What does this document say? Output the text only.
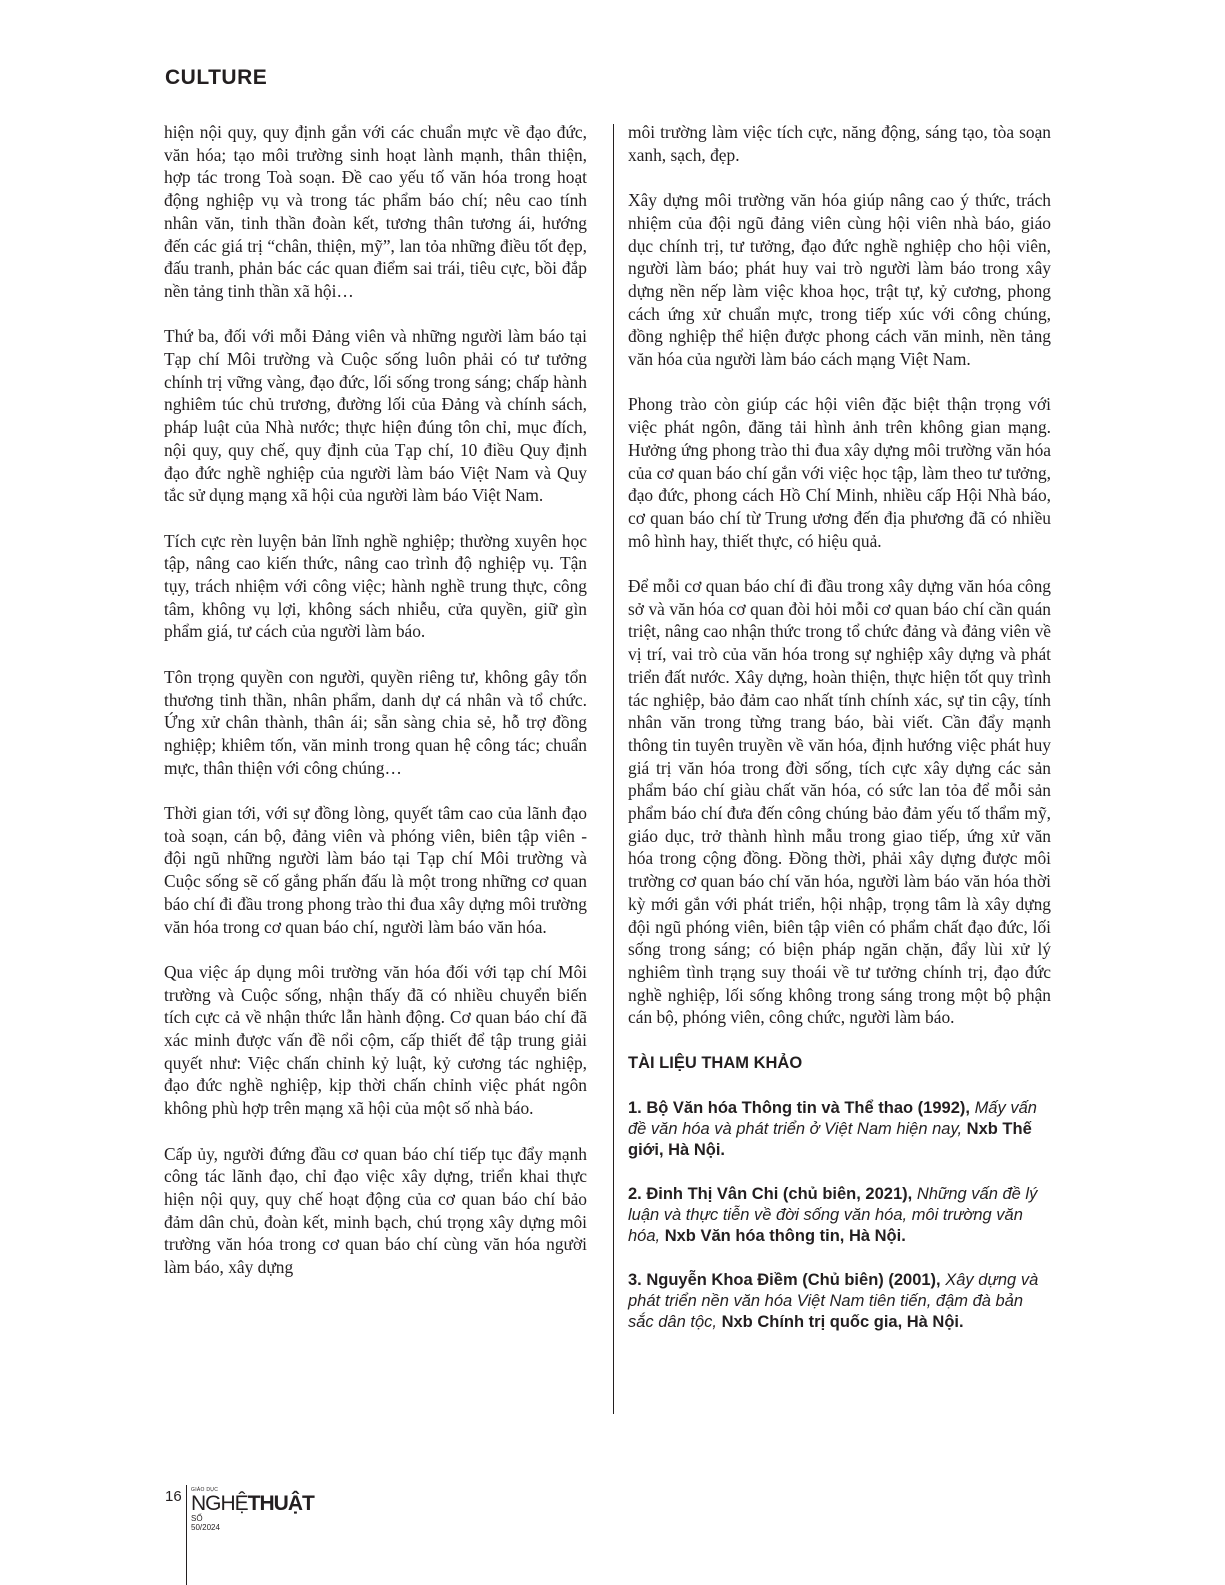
CULTURE

hiện nội quy, quy định gắn với các chuẩn mực về đạo đức, văn hóa; tạo môi trường sinh hoạt lành mạnh, thân thiện, hợp tác trong Toà soạn. Đề cao yếu tố văn hóa trong hoạt động nghiệp vụ và trong tác phẩm báo chí; nêu cao tính nhân văn, tinh thần đoàn kết, tương thân tương ái, hướng đến các giá trị “chân, thiện, mỹ”, lan tỏa những điều tốt đẹp, đấu tranh, phản bác các quan điểm sai trái, tiêu cực, bồi đắp nền tảng tinh thần xã hội…

Thứ ba, đối với mỗi Đảng viên và những người làm báo tại Tạp chí Môi trường và Cuộc sống luôn phải có tư tưởng chính trị vững vàng, đạo đức, lối sống trong sáng; chấp hành nghiêm túc chủ trương, đường lối của Đảng và chính sách, pháp luật của Nhà nước; thực hiện đúng tôn chỉ, mục đích, nội quy, quy chế, quy định của Tạp chí, 10 điều Quy định đạo đức nghề nghiệp của người làm báo Việt Nam và Quy tắc sử dụng mạng xã hội của người làm báo Việt Nam.

Tích cực rèn luyện bản lĩnh nghề nghiệp; thường xuyên học tập, nâng cao kiến thức, nâng cao trình độ nghiệp vụ. Tận tụy, trách nhiệm với công việc; hành nghề trung thực, công tâm, không vụ lợi, không sách nhiễu, cửa quyền, giữ gìn phẩm giá, tư cách của người làm báo.

Tôn trọng quyền con người, quyền riêng tư, không gây tổn thương tinh thần, nhân phẩm, danh dự cá nhân và tổ chức. Ứng xử chân thành, thân ái; sẵn sàng chia sẻ, hỗ trợ đồng nghiệp; khiêm tốn, văn minh trong quan hệ công tác; chuẩn mực, thân thiện với công chúng…

Thời gian tới, với sự đồng lòng, quyết tâm cao của lãnh đạo toà soạn, cán bộ, đảng viên và phóng viên, biên tập viên - đội ngũ những người làm báo tại Tạp chí Môi trường và Cuộc sống sẽ cố gắng phấn đấu là một trong những cơ quan báo chí đi đầu trong phong trào thi đua xây dựng môi trường văn hóa trong cơ quan báo chí, người làm báo văn hóa.

Qua việc áp dụng môi trường văn hóa đối với tạp chí Môi trường và Cuộc sống, nhận thấy đã có nhiều chuyển biến tích cực cả về nhận thức lẫn hành động. Cơ quan báo chí đã xác minh được vấn đề nổi cộm, cấp thiết để tập trung giải quyết như: Việc chấn chỉnh kỷ luật, kỷ cương tác nghiệp, đạo đức nghề nghiệp, kịp thời chấn chỉnh việc phát ngôn không phù hợp trên mạng xã hội của một số nhà báo.

Cấp ủy, người đứng đầu cơ quan báo chí tiếp tục đẩy mạnh công tác lãnh đạo, chỉ đạo việc xây dựng, triển khai thực hiện nội quy, quy chế hoạt động của cơ quan báo chí bảo đảm dân chủ, đoàn kết, minh bạch, chú trọng xây dựng môi trường văn hóa trong cơ quan báo chí cùng văn hóa người làm báo, xây dựng

môi trường làm việc tích cực, năng động, sáng tạo, tòa soạn xanh, sạch, đẹp.

Xây dựng môi trường văn hóa giúp nâng cao ý thức, trách nhiệm của đội ngũ đảng viên cùng hội viên nhà báo, giáo dục chính trị, tư tưởng, đạo đức nghề nghiệp cho hội viên, người làm báo; phát huy vai trò người làm báo trong xây dựng nền nếp làm việc khoa học, trật tự, kỷ cương, phong cách ứng xử chuẩn mực, trong tiếp xúc với công chúng, đồng nghiệp thể hiện được phong cách văn minh, nền tảng văn hóa của người làm báo cách mạng Việt Nam.

Phong trào còn giúp các hội viên đặc biệt thận trọng với việc phát ngôn, đăng tải hình ảnh trên không gian mạng. Hưởng ứng phong trào thi đua xây dựng môi trường văn hóa của cơ quan báo chí gắn với việc học tập, làm theo tư tưởng, đạo đức, phong cách Hồ Chí Minh, nhiều cấp Hội Nhà báo, cơ quan báo chí từ Trung ương đến địa phương đã có nhiều mô hình hay, thiết thực, có hiệu quả.

Để mỗi cơ quan báo chí đi đầu trong xây dựng văn hóa công sở và văn hóa cơ quan đòi hỏi mỗi cơ quan báo chí cần quán triệt, nâng cao nhận thức trong tổ chức đảng và đảng viên về vị trí, vai trò của văn hóa trong sự nghiệp xây dựng và phát triển đất nước. Xây dựng, hoàn thiện, thực hiện tốt quy trình tác nghiệp, bảo đảm cao nhất tính chính xác, sự tin cậy, tính nhân văn trong từng trang báo, bài viết. Cần đẩy mạnh thông tin tuyên truyền về văn hóa, định hướng việc phát huy giá trị văn hóa trong đời sống, tích cực xây dựng các sản phẩm báo chí giàu chất văn hóa, có sức lan tỏa để mỗi sản phẩm báo chí đưa đến công chúng bảo đảm yếu tố thẩm mỹ, giáo dục, trở thành hình mẫu trong giao tiếp, ứng xử văn hóa trong cộng đồng. Đồng thời, phải xây dựng được môi trường cơ quan báo chí văn hóa, người làm báo văn hóa thời kỳ mới gắn với phát triển, hội nhập, trọng tâm là xây dựng đội ngũ phóng viên, biên tập viên có phẩm chất đạo đức, lối sống trong sáng; có biện pháp ngăn chặn, đẩy lùi xử lý nghiêm tình trạng suy thoái về tư tưởng chính trị, đạo đức nghề nghiệp, lối sống không trong sáng trong một bộ phận cán bộ, phóng viên, công chức, người làm báo.

TÀI LIỆU THAM KHẢO

1. Bộ Văn hóa Thông tin và Thể thao (1992), Mấy vấn đề văn hóa và phát triển ở Việt Nam hiện nay, Nxb Thế giới, Hà Nội.

2. Đinh Thị Vân Chi (chủ biên, 2021), Những vấn đề lý luận và thực tiễn về đời sống văn hóa, môi trường văn hóa, Nxb Văn hóa thông tin, Hà Nội.

3. Nguyễn Khoa Điềm (Chủ biên) (2001), Xây dựng và phát triển nền văn hóa Việt Nam tiên tiến, đậm đà bản sắc dân tộc, Nxb Chính trị quốc gia, Hà Nội.

16 GIÁO DỤC
NGHỆTHUẬT
SỐ 50/2024
